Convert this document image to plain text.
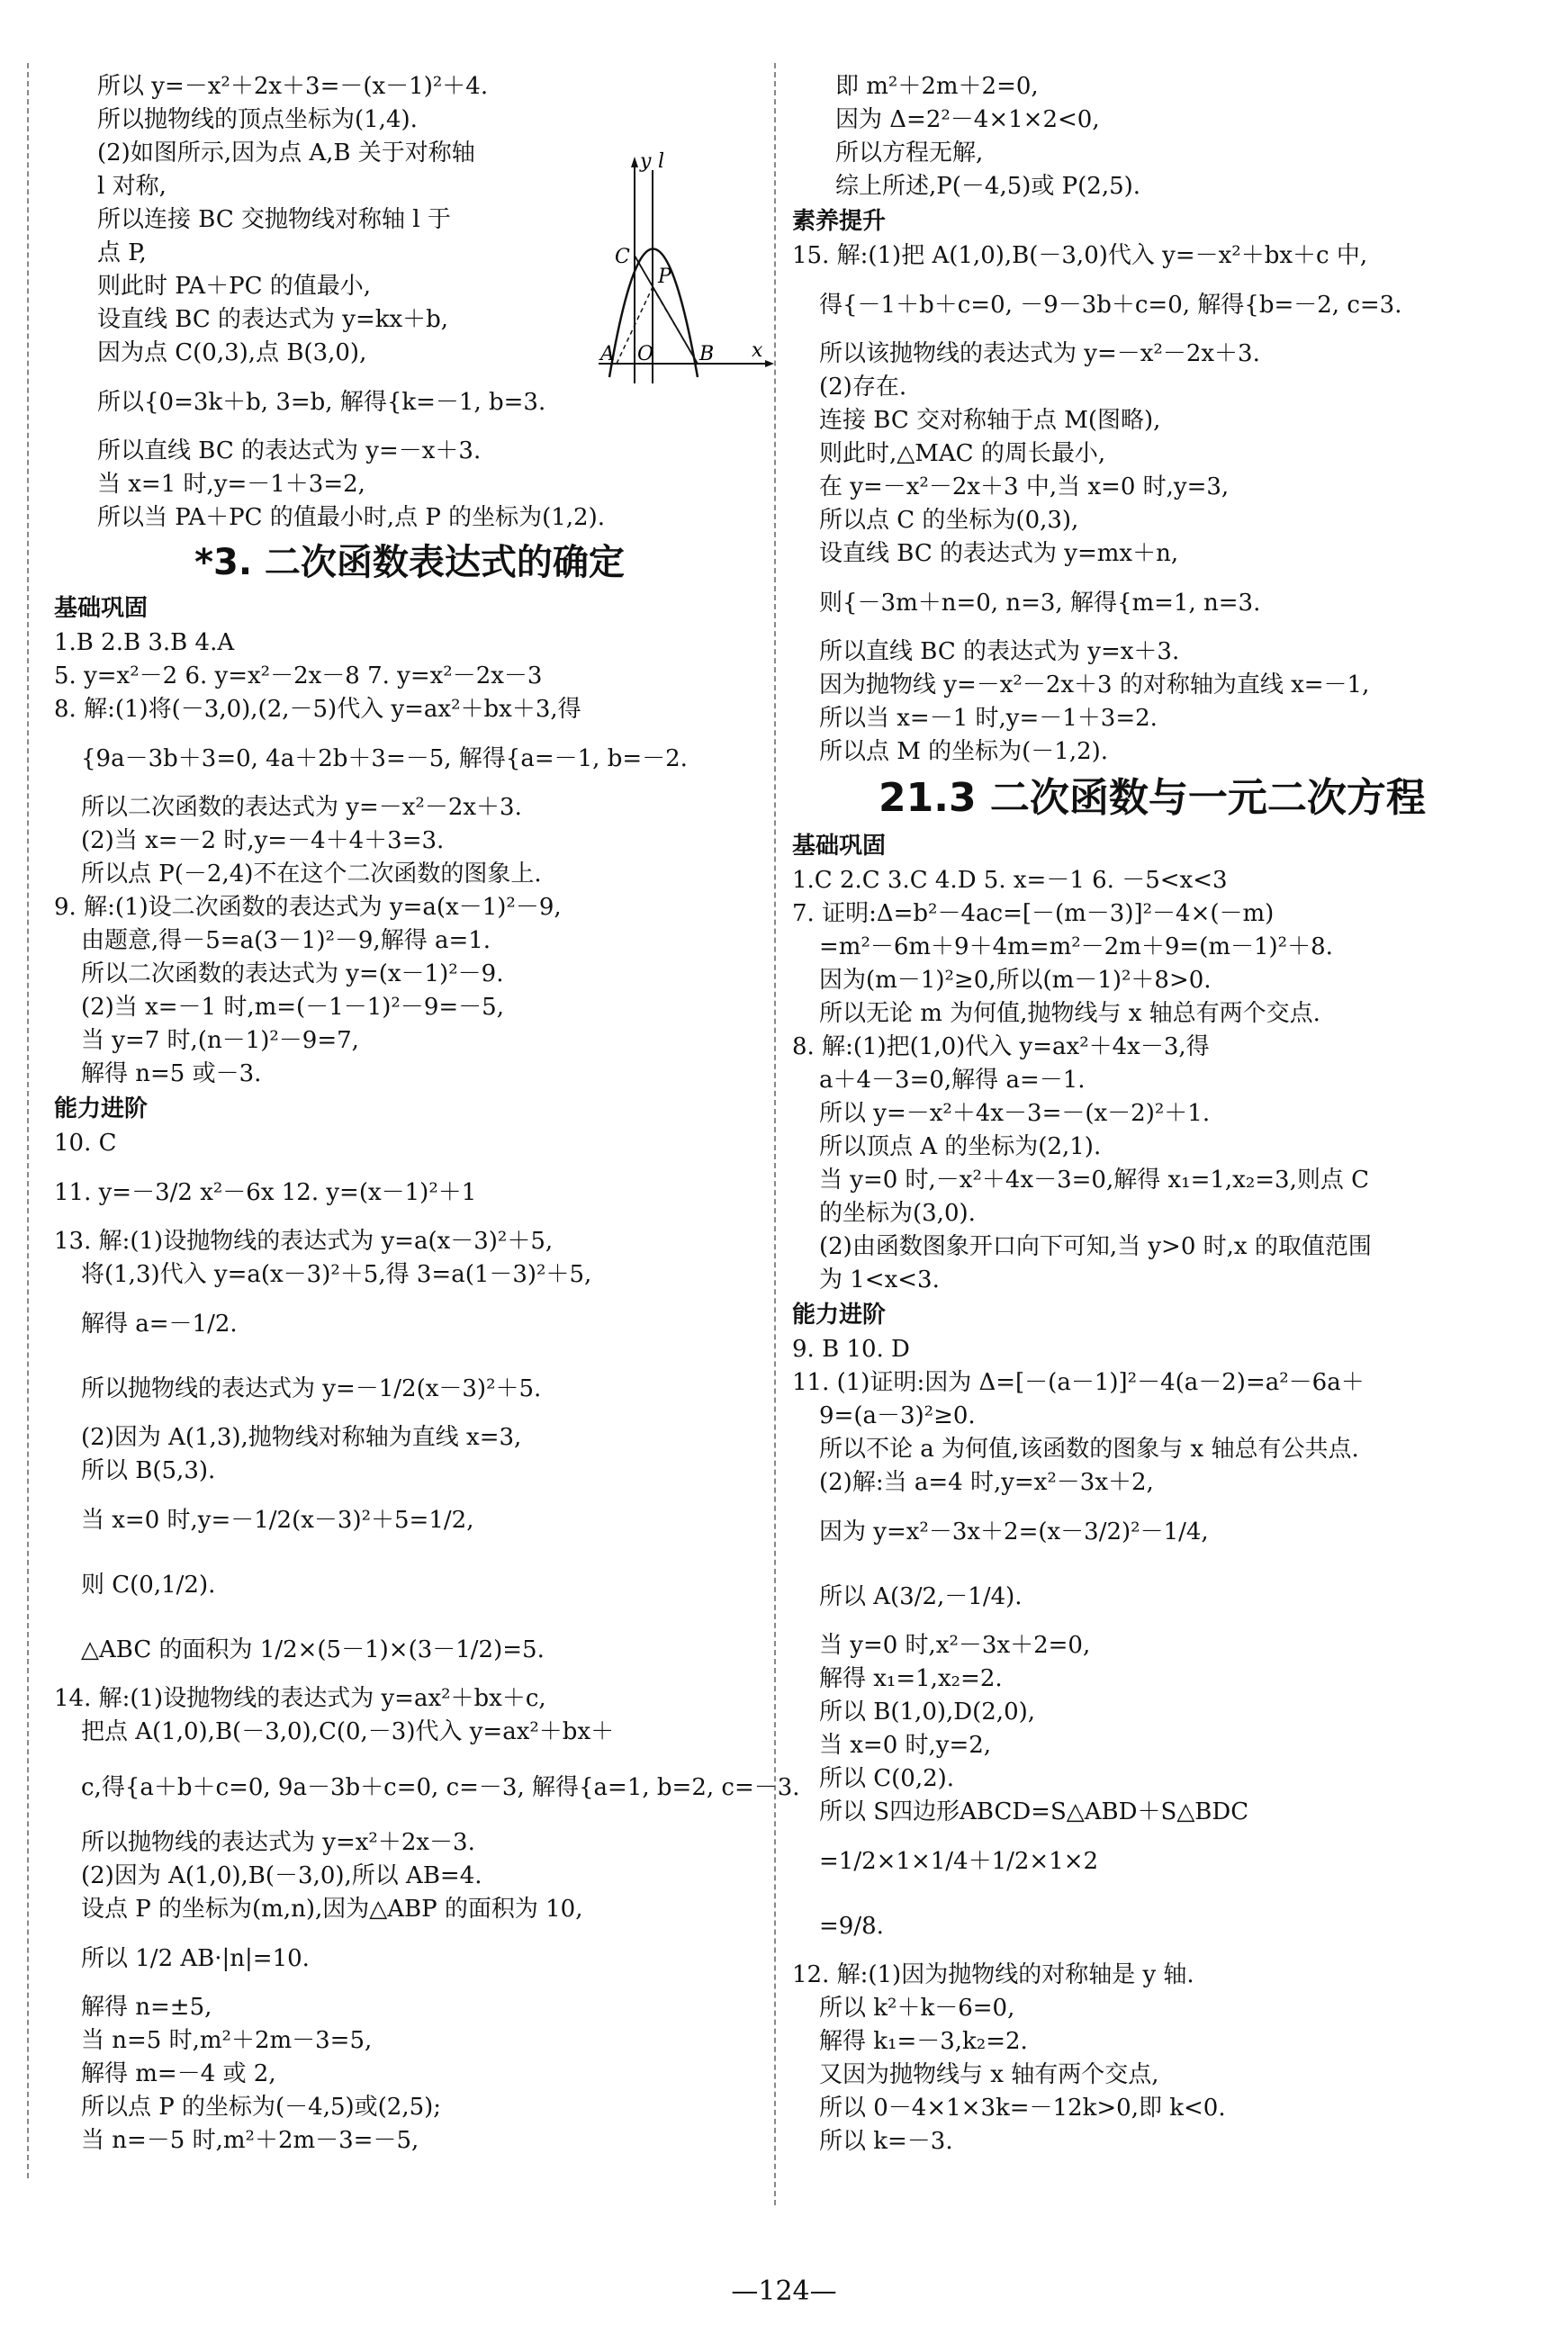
所以 y=－x²＋2x＋3=－(x－1)²＋4.
所以抛物线的顶点坐标为(1,4).
(2)如图所示,因为点 A,B 关于对称轴
l 对称,
所以连接 BC 交抛物线对称轴 l 于
点 P,
则此时 PA＋PC 的值最小,
设直线 BC 的表达式为 y=kx＋b,
因为点 C(0,3),点 B(3,0),
所以{0=3k＋b, 3=b, 解得{k=－1, b=3.
所以直线 BC 的表达式为 y=－x＋3.
当 x=1 时,y=－1＋3=2,
所以当 PA＋PC 的值最小时,点 P 的坐标为(1,2).
*3. 二次函数表达式的确定
基础巩固
1.B 2.B 3.B 4.A
5. y=x²－2 6. y=x²－2x－8 7. y=x²－2x－3
8. 解:(1)将(－3,0),(2,－5)代入 y=ax²＋bx＋3,得
{9a－3b＋3=0, 4a＋2b＋3=－5, 解得{a=－1, b=－2.
所以二次函数的表达式为 y=－x²－2x＋3.
(2)当 x=－2 时,y=－4＋4＋3=3.
所以点 P(－2,4)不在这个二次函数的图象上.
9. 解:(1)设二次函数的表达式为 y=a(x－1)²－9,
由题意,得－5=a(3－1)²－9,解得 a=1.
所以二次函数的表达式为 y=(x－1)²－9.
(2)当 x=－1 时,m=(－1－1)²－9=－5,
当 y=7 时,(n－1)²－9=7,
解得 n=5 或－3.
能力进阶
10. C
11. y=－3/2 x²－6x 12. y=(x－1)²＋1
13. 解:(1)设抛物线的表达式为 y=a(x－3)²＋5,
将(1,3)代入 y=a(x－3)²＋5,得 3=a(1－3)²＋5,
解得 a=－1/2.
所以抛物线的表达式为 y=－1/2(x－3)²＋5.
(2)因为 A(1,3),抛物线对称轴为直线 x=3,
所以 B(5,3).
当 x=0 时,y=－1/2(x－3)²＋5=1/2,
则 C(0,1/2).
△ABC 的面积为 1/2×(5－1)×(3－1/2)=5.
14. 解:(1)设抛物线的表达式为 y=ax²＋bx＋c,
把点 A(1,0),B(－3,0),C(0,－3)代入 y=ax²＋bx＋
c,得{a＋b＋c=0, 9a－3b＋c=0, c=－3, 解得{a=1, b=2, c=－3.
所以抛物线的表达式为 y=x²＋2x－3.
(2)因为 A(1,0),B(－3,0),所以 AB=4.
设点 P 的坐标为(m,n),因为△ABP 的面积为 10,
所以 1/2 AB·|n|=10.
解得 n=±5,
当 n=5 时,m²＋2m－3=5,
解得 m=－4 或 2,
所以点 P 的坐标为(－4,5)或(2,5);
当 n=－5 时,m²＋2m－3=－5,
y l
C
P
A O B x
即 m²＋2m＋2=0,
因为 Δ=2²－4×1×2<0,
所以方程无解,
综上所述,P(－4,5)或 P(2,5).
素养提升
15. 解:(1)把 A(1,0),B(－3,0)代入 y=－x²＋bx＋c 中,
得{－1＋b＋c=0, －9－3b＋c=0, 解得{b=－2, c=3.
所以该抛物线的表达式为 y=－x²－2x＋3.
(2)存在.
连接 BC 交对称轴于点 M(图略),
则此时,△MAC 的周长最小,
在 y=－x²－2x＋3 中,当 x=0 时,y=3,
所以点 C 的坐标为(0,3),
设直线 BC 的表达式为 y=mx＋n,
则{－3m＋n=0, n=3, 解得{m=1, n=3.
所以直线 BC 的表达式为 y=x＋3.
因为抛物线 y=－x²－2x＋3 的对称轴为直线 x=－1,
所以当 x=－1 时,y=－1＋3=2.
所以点 M 的坐标为(－1,2).
21.3 二次函数与一元二次方程
基础巩固
1.C 2.C 3.C 4.D 5. x=－1 6. －5<x<3
7. 证明:Δ=b²－4ac=[－(m－3)]²－4×(－m)
=m²－6m＋9＋4m=m²－2m＋9=(m－1)²＋8.
因为(m－1)²≥0,所以(m－1)²＋8>0.
所以无论 m 为何值,抛物线与 x 轴总有两个交点.
8. 解:(1)把(1,0)代入 y=ax²＋4x－3,得
a＋4－3=0,解得 a=－1.
所以 y=－x²＋4x－3=－(x－2)²＋1.
所以顶点 A 的坐标为(2,1).
当 y=0 时,－x²＋4x－3=0,解得 x₁=1,x₂=3,则点 C
的坐标为(3,0).
(2)由函数图象开口向下可知,当 y>0 时,x 的取值范围
为 1<x<3.
能力进阶
9. B 10. D
11. (1)证明:因为 Δ=[－(a－1)]²－4(a－2)=a²－6a＋
9=(a－3)²≥0.
所以不论 a 为何值,该函数的图象与 x 轴总有公共点.
(2)解:当 a=4 时,y=x²－3x＋2,
因为 y=x²－3x＋2=(x－3/2)²－1/4,
所以 A(3/2,－1/4).
当 y=0 时,x²－3x＋2=0,
解得 x₁=1,x₂=2.
所以 B(1,0),D(2,0),
当 x=0 时,y=2,
所以 C(0,2).
所以 S四边形ABCD=S△ABD＋S△BDC
=1/2×1×1/4＋1/2×1×2
=9/8.
12. 解:(1)因为抛物线的对称轴是 y 轴.
所以 k²＋k－6=0,
解得 k₁=－3,k₂=2.
又因为抛物线与 x 轴有两个交点,
所以 0－4×1×3k=－12k>0,即 k<0.
所以 k=－3.
—124—
